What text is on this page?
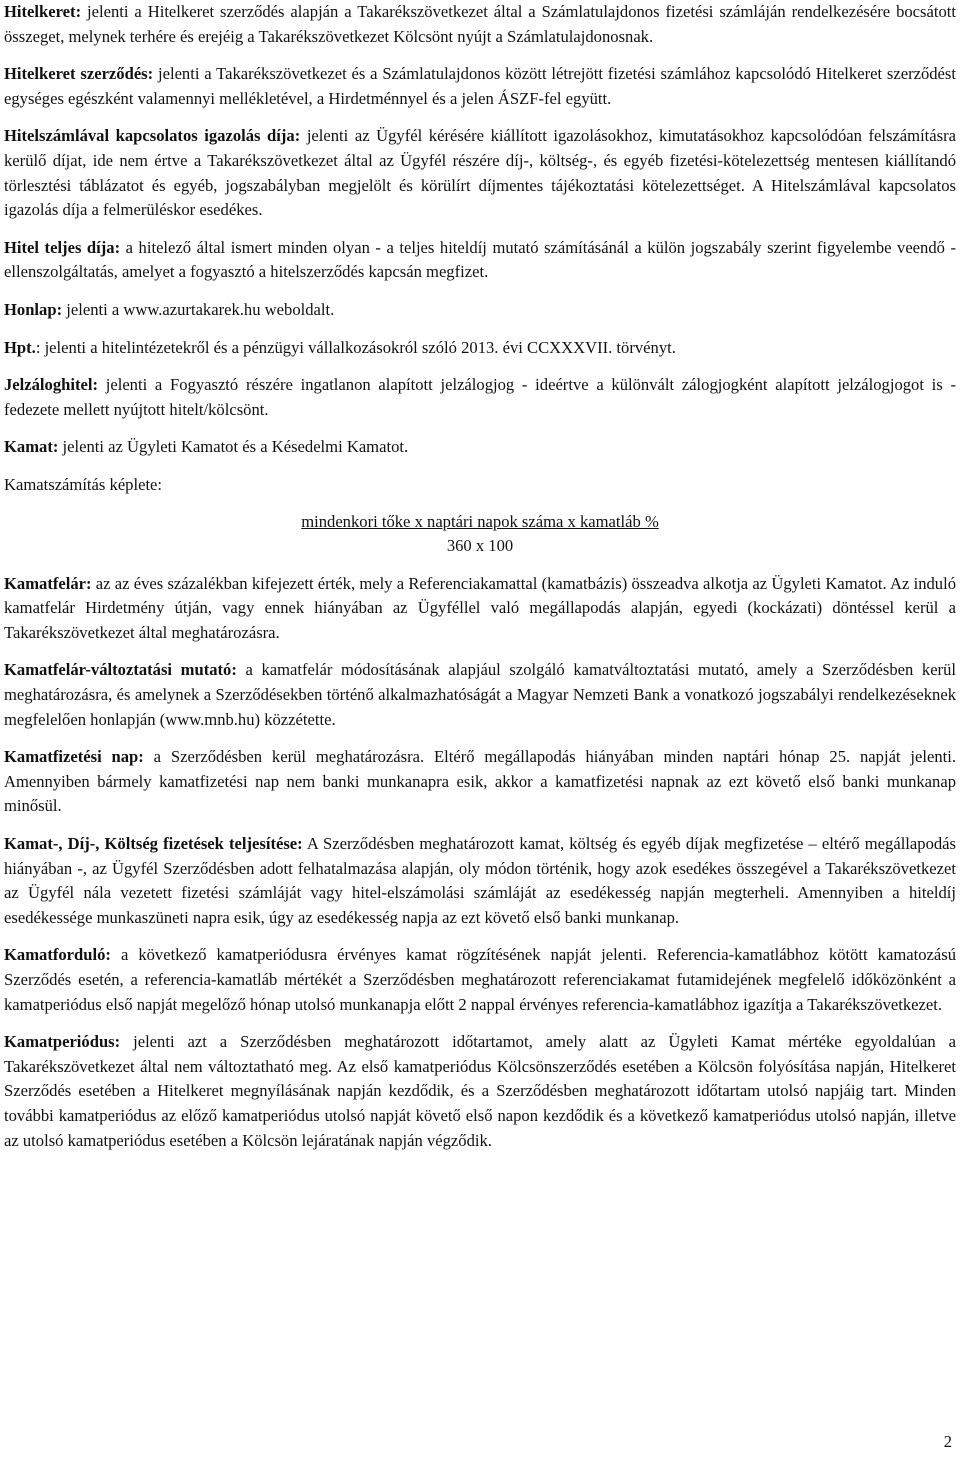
Hitelkeret: jelenti a Hitelkeret szerződés alapján a Takarékszövetkezet által a Számlatulajdonos fizetési számláján rendelkezésére bocsátott összeget, melynek terhére és erejéig a Takarékszövetkezet Kölcsönt nyújt a Számlatulajdonosnak.

Hitelkeret szerződés: jelenti a Takarékszövetkezet és a Számlatulajdonos között létrejött fizetési számlához kapcsolódó Hitelkeret szerződést egységes egészként valamennyi mellékletével, a Hirdetménnyel és a jelen ÁSZF-fel együtt.

Hitelszámlával kapcsolatos igazolás díja: jelenti az Ügyfél kérésére kiállított igazolásokhoz, kimutatásokhoz kapcsolódóan felszámításra kerülő díjat, ide nem értve a Takarékszövetkezet által az Ügyfél részére díj-, költség-, és egyéb fizetési-kötelezettség mentesen kiállítandó törlesztési táblázatot és egyéb, jogszabályban megjelölt és körülírt díjmentes tájékoztatási kötelezettséget. A Hitelszámlával kapcsolatos igazolás díja a felmerüléskor esedékes.

Hitel teljes díja: a hitelező által ismert minden olyan - a teljes hiteldíj mutató számításánál a külön jogszabály szerint figyelembe veendő - ellenszolgáltatás, amelyet a fogyasztó a hitelszerződés kapcsán megfizet.

Honlap: jelenti a www.azurtakarek.hu weboldalt.

Hpt.: jelenti a hitelintézetekről és a pénzügyi vállalkozásokról szóló 2013. évi CCXXXVII. törvényt.

Jelzáloghitel: jelenti a Fogyasztó részére ingatlanon alapított jelzálogjog - ideértve a különvált zálogjogként alapított jelzálogjogot is - fedezete mellett nyújtott hitelt/kölcsönt.

Kamat: jelenti az Ügyleti Kamatot és a Késedelmi Kamatot.

Kamatszámítás képlete:

mindenkori tőke x naptári napok száma x kamatláb %
360 x 100

Kamatfelár: az az éves százalékban kifejezett érték, mely a Referenciakamattal (kamatbázis) összeadva alkotja az Ügyleti Kamatot. Az induló kamatfelár Hirdetmény útján, vagy ennek hiányában az Ügyféllel való megállapodás alapján, egyedi (kockázati) döntéssel kerül a Takarékszövetkezet által meghatározásra.

Kamatfelár-változtatási mutató: a kamatfelár módosításának alapjául szolgáló kamatváltoztatási mutató, amely a Szerződésben kerül meghatározásra, és amelynek a Szerződésekben történő alkalmazhatóságát a Magyar Nemzeti Bank a vonatkozó jogszabályi rendelkezéseknek megfelelően honlapján (www.mnb.hu) közzétette.

Kamatfizetési nap: a Szerződésben kerül meghatározásra. Eltérő megállapodás hiányában minden naptári hónap 25. napját jelenti. Amennyiben bármely kamatfizetési nap nem banki munkanapra esik, akkor a kamatfizetési napnak az ezt követő első banki munkanap minősül.

Kamat-, Díj-, Költség fizetések teljesítése: A Szerződésben meghatározott kamat, költség és egyéb díjak megfizetése – eltérő megállapodás hiányában -, az Ügyfél Szerződésben adott felhatalmazása alapján, oly módon történik, hogy azok esedékes összegével a Takarékszövetkezet az Ügyfél nála vezetett fizetési számláját vagy hitel-elszámolási számláját az esedékesség napján megterheli. Amennyiben a hiteldíj esedékessége munkaszüneti napra esik, úgy az esedékesség napja az ezt követő első banki munkanap.

Kamatforduló: a következő kamatperiódusra érvényes kamat rögzítésének napját jelenti. Referencia-kamatlábhoz kötött kamatozású Szerződés esetén, a referencia-kamatláb mértékét a Szerződésben meghatározott referenciakamat futamidejének megfelelő időközönként a kamatperiódus első napját megelőző hónap utolsó munkanapja előtt 2 nappal érvényes referencia-kamatlábhoz igazítja a Takarékszövetkezet.

Kamatperiódus: jelenti azt a Szerződésben meghatározott időtartamot, amely alatt az Ügyleti Kamat mértéke egyoldalúan a Takarékszövetkezet által nem változtatható meg. Az első kamatperiódus Kölcsönszerződés esetében a Kölcsön folyósítása napján, Hitelkeret Szerződés esetében a Hitelkeret megnyílásának napján kezdődik, és a Szerződésben meghatározott időtartam utolsó napjáig tart. Minden további kamatperiódus az előző kamatperiódus utolsó napját követő első napon kezdődik és a következő kamatperiódus utolsó napján, illetve az utolsó kamatperiódus esetében a Kölcsön lejáratának napján végződik.

2
